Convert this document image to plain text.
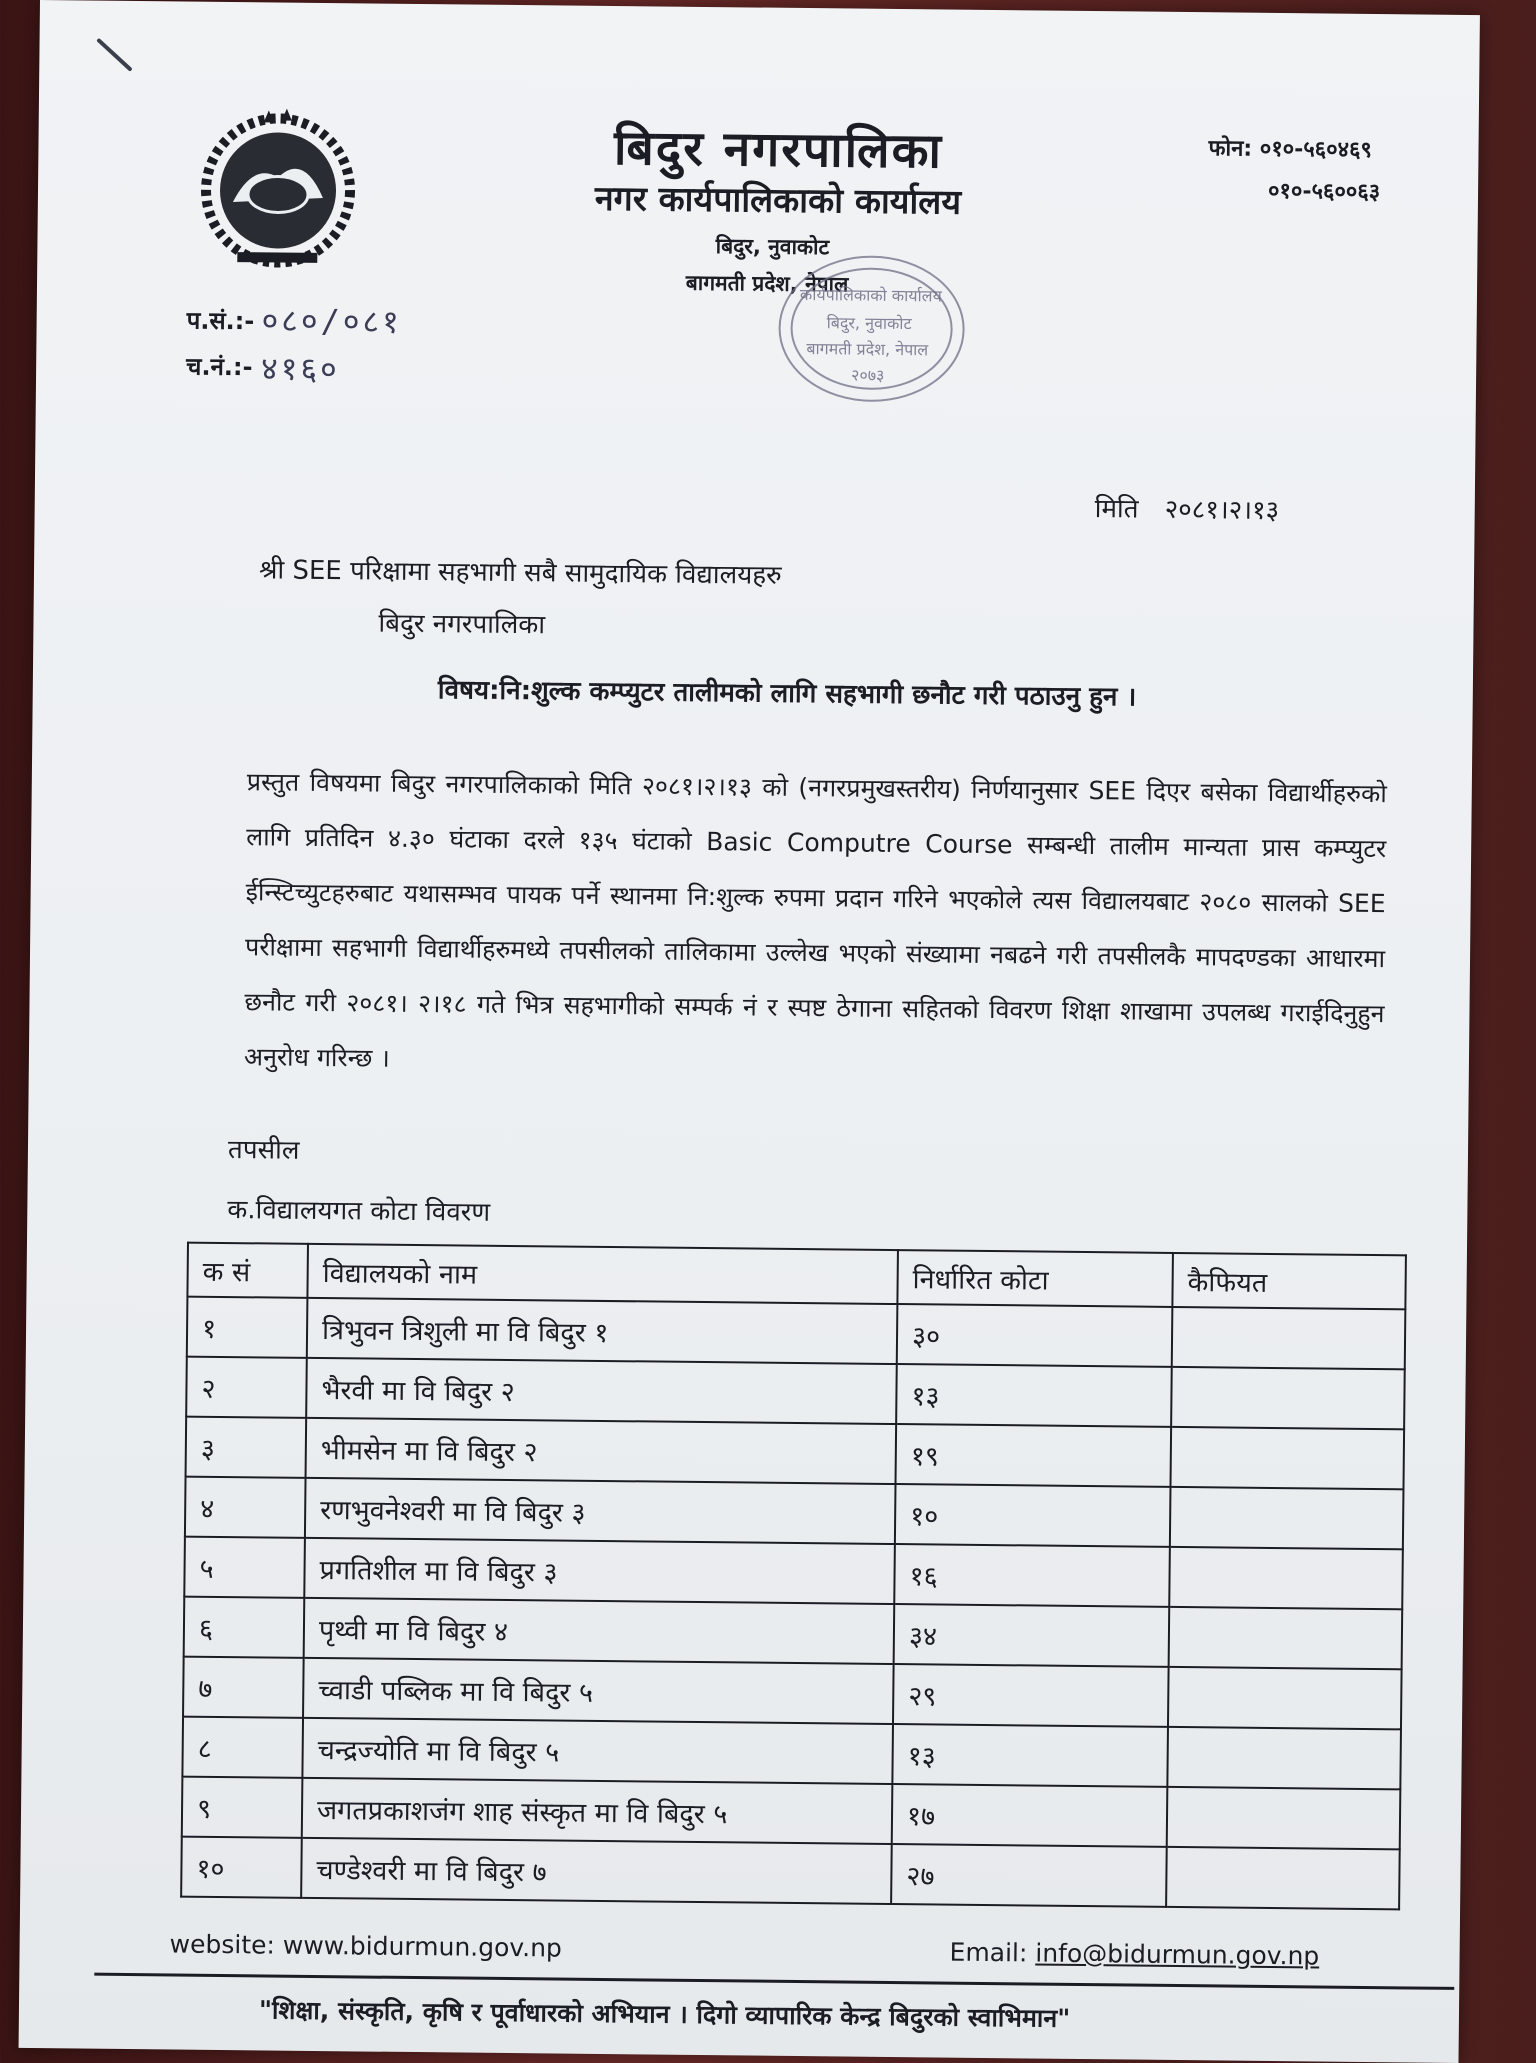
बिदुर नगरपालिका
नगर कार्यपालिकाको कार्यालय
बिदुर, नुवाकोट
बागमती प्रदेश, नेपाल
फोन: ०१०-५६०४६९
०१०-५६००६३
कार्यपालिकाको कार्यालय
बिदुर, नुवाकोट
बागमती प्रदेश, नेपाल
२०७३
प.सं.:- ०८०/०८१
च.नं.:- ४१६०
मिति २०८१।२।१३
श्री SEE परिक्षामा सहभागी सबै सामुदायिक विद्यालयहरु
बिदुर नगरपालिका
विषय:नि:शुल्क कम्प्युटर तालीमको लागि सहभागी छनौट गरी पठाउनु हुन ।
प्रस्तुत विषयमा बिदुर नगरपालिकाको मिति २०८१।२।१३ को (नगरप्रमुखस्तरीय) निर्णयानुसार SEE दिएर बसेका विद्यार्थीहरुको लागि प्रतिदिन ४.३० घंटाका दरले १३५ घंटाको Basic Computre Course सम्बन्धी तालीम मान्यता प्रास कम्प्युटर ईन्स्टिच्युटहरुबाट यथासम्भव पायक पर्ने स्थानमा नि:शुल्क रुपमा प्रदान गरिने भएकोले त्यस विद्यालयबाट २०८० सालको SEE परीक्षामा सहभागी विद्यार्थीहरुमध्ये तपसीलको तालिकामा उल्लेख भएको संख्यामा नबढने गरी तपसीलकै मापदण्डका आधारमा छनौट गरी २०८१। २।१८ गते भित्र सहभागीको सम्पर्क नं र स्पष्ट ठेगाना सहितको विवरण शिक्षा शाखामा उपलब्ध गराईदिनुहुन अनुरोध गरिन्छ ।
तपसील
क.विद्यालयगत कोटा विवरण
क सं	विद्यालयको नाम	निर्धारित कोटा	कैफियत
१	त्रिभुवन त्रिशुली मा वि बिदुर १	३०	
२	भैरवी मा वि बिदुर २	१३	
३	भीमसेन मा वि बिदुर २	१९	
४	रणभुवनेश्वरी मा वि बिदुर ३	१०	
५	प्रगतिशील मा वि बिदुर ३	१६	
६	पृथ्वी मा वि बिदुर ४	३४	
७	च्वाडी पब्लिक मा वि बिदुर ५	२९	
८	चन्द्रज्योति मा वि बिदुर ५	१३	
९	जगतप्रकाशजंग शाह संस्कृत मा वि बिदुर ५	१७	
१०	चण्डेश्वरी मा वि बिदुर ७	२७	
website: www.bidurmun.gov.np	Email: info@bidurmun.gov.np
"शिक्षा, संस्कृति, कृषि र पूर्वाधारको अभियान । दिगो व्यापारिक केन्द्र बिदुरको स्वाभिमान"
